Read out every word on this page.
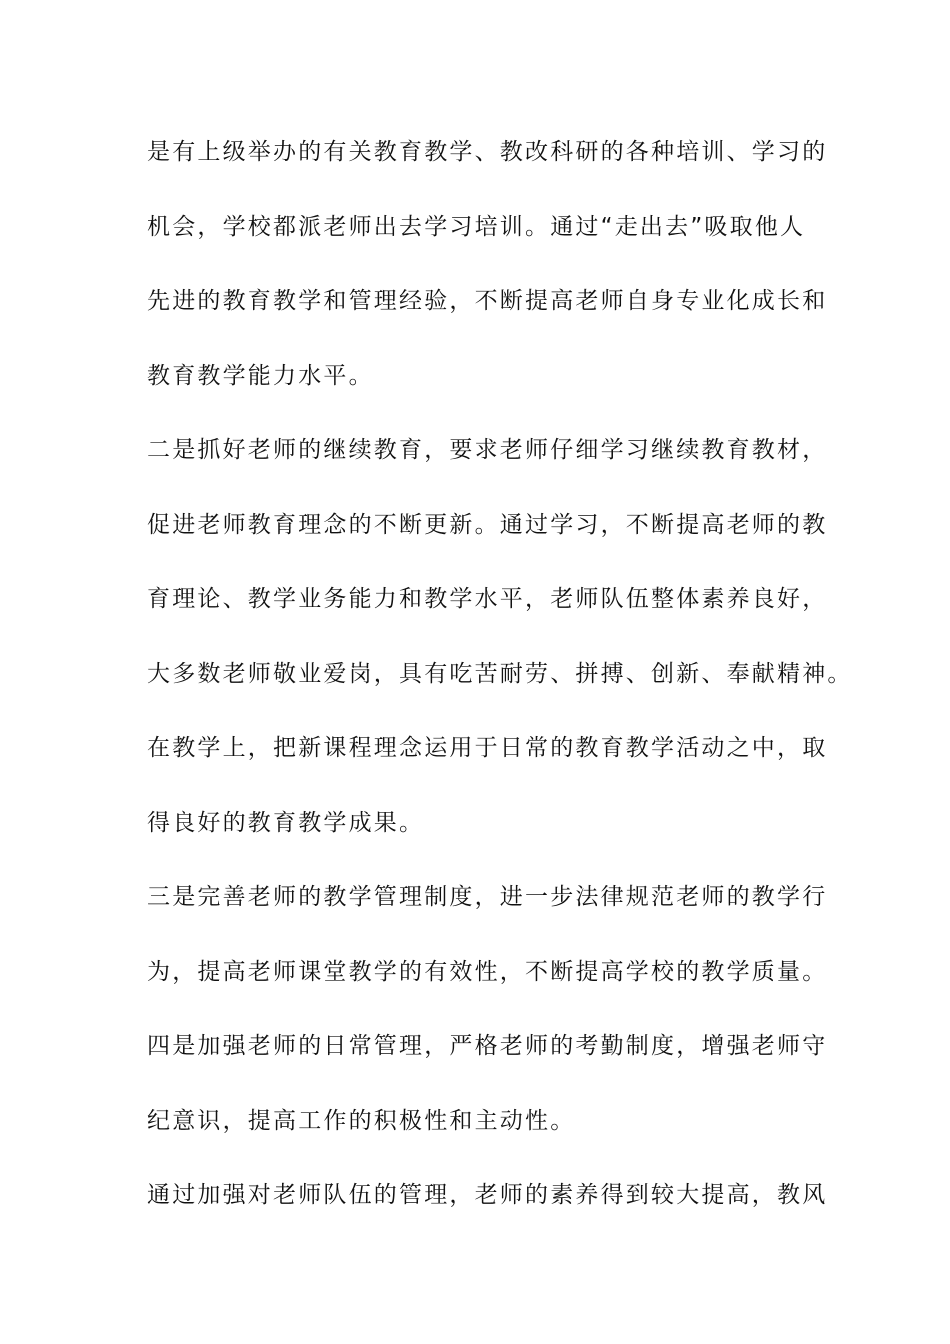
是有上级举办的有关教育教学、教改科研的各种培训、学习的
机会，学校都派老师出去学习培训。通过“走出去”吸取他人
先进的教育教学和管理经验，不断提高老师自身专业化成长和
教育教学能力水平。
二是抓好老师的继续教育，要求老师仔细学习继续教育教材，
促进老师教育理念的不断更新。通过学习，不断提高老师的教
育理论、教学业务能力和教学水平，老师队伍整体素养良好，
大多数老师敬业爱岗，具有吃苦耐劳、拼搏、创新、奉献精神。
在教学上，把新课程理念运用于日常的教育教学活动之中，取
得良好的教育教学成果。
三是完善老师的教学管理制度，进一步法律规范老师的教学行
为，提高老师课堂教学的有效性，不断提高学校的教学质量。
四是加强老师的日常管理，严格老师的考勤制度，增强老师守
纪意识，提高工作的积极性和主动性。
通过加强对老师队伍的管理，老师的素养得到较大提高，教风
